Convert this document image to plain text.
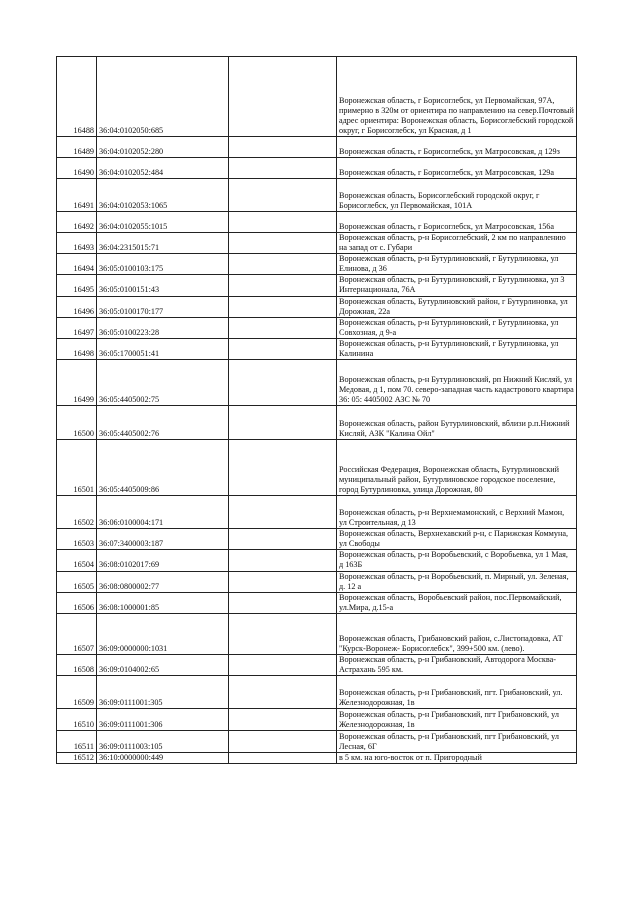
16488	36:04:0102050:685		Воронежская область, г Борисоглебск, ул Первомайская, 97А, примерно в 320м от ориентира по направлению на север.Почтовый адрес ориентира: Воронежская область, Борисоглебский городской округ, г Борисоглебск, ул Красная, д 1
16489	36:04:0102052:280		Воронежская область, г Борисоглебск, ул Матросовская, д 129з
16490	36:04:0102052:484		Воронежская область, г Борисоглебск, ул Матросовская, 129а
16491	36:04:0102053:1065		Воронежская область, Борисоглебский городской округ, г Борисоглебск, ул Первомайская, 101А
16492	36:04:0102055:1015		Воронежская область, г Борисоглебск, ул Матросовская, 156а
16493	36:04:2315015:71		Воронежская область, р-н Борисоглебский, 2 км по направлению на запад от с. Губари
16494	36:05:0100103:175		Воронежская область, р-н Бутурлиновский, г Бутурлиновка, ул Елинова, д 36
16495	36:05:0100151:43		Воронежская область, р-н Бутурлиновский, г Бутурлиновка, ул 3 Интернационала, 76А
16496	36:05:0100170:177		Воронежская область, Бутурлиновский район, г Бутурлиновка, ул Дорожная, 22а
16497	36:05:0100223:28		Воронежская область, р-н Бутурлиновский, г Бутурлиновка, ул Совхозная, д 9-а
16498	36:05:1700051:41		Воронежская область, р-н Бутурлиновский, г Бутурлиновка, ул Калинина
16499	36:05:4405002:75		Воронежская область, р-н Бутурлиновский, рп Нижний Кисляй, ул Медовая, д 1, пом 70. северо-западная часть кадастрового квартира 36: 05: 4405002 АЗС № 70
16500	36:05:4405002:76		Воронежская область, район Бутурлиновский, вблизи р.п.Нижний Кисляй, АЗК "Калина Ойл"
16501	36:05:4405009:86		Российская Федерация, Воронежская область, Бутурлиновский муниципальный район, Бутурлиновское городское поселение, город Бутурлиновка, улица Дорожная, 80
16502	36:06:0100004:171		Воронежская область, р-н Верхнемамонский, с Верхний Мамон, ул Строительная, д 13
16503	36:07:3400003:187		Воронежская область, Верхнехавский р-н, с Парижская Коммуна, ул Свободы
16504	36:08:0102017:69		Воронежская область, р-н Воробьевский, с Воробьевка, ул 1 Мая, д 163Б
16505	36:08:0800002:77		Воронежская область, р-н Воробьевский, п. Мирный, ул. Зеленая, д. 12 а
16506	36:08:1000001:85		Воронежская область, Воробьевский район, пос.Первомайский, ул.Мира, д.15-а
16507	36:09:0000000:1031		Воронежская область, Грибановский район, с.Листопадовка, АТ "Курск-Воронеж- Борисоглебск", 399+500 км. (лево).
16508	36:09:0104002:65		Воронежская область, р-н Грибановский, Автодорога Москва-Астрахань 595 км.
16509	36:09:0111001:305		Воронежская область, р-н Грибановский, пгт. Грибановский, ул. Железнодорожная, 1в
16510	36:09:0111001:306		Воронежская область, р-н Грибановский, пгт Грибановский, ул Железнодорожная, 1в
16511	36:09:0111003:105		Воронежская область, р-н Грибановский, пгт Грибановский, ул Лесная, 6Г
16512	36:10:0000000:449		в 5 км. на юго-восток от п. Пригородный
